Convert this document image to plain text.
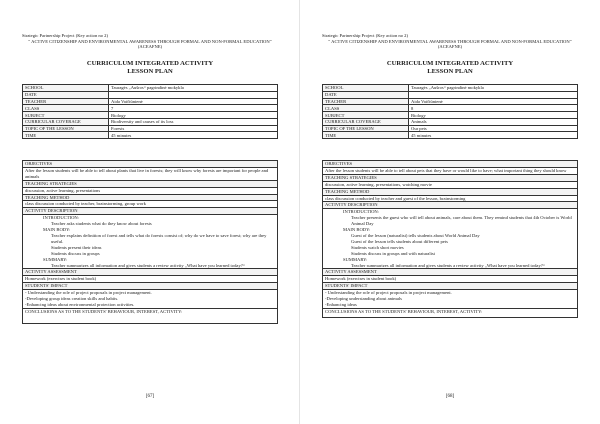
Strategic Partnership Project (Key action no 2)
" ACTIVE CITIZENSHIP AND ENVIRONMENTAL AWARENESS THROUGH FORMAL AND NON-FORMAL EDUCATION" (ACEAFNE)
CURRICULUM INTEGRATED ACTIVITY
LESSON PLAN
SCHOOL	Tauragės „Aušros“ pagrindinė mokykla
DATE	
TEACHER	Aida Vaičiūnienė
CLASS	7
SUBJECT	Biology
CURRICULAR COVERAGE	Biodiversity and causes of its loss
TOPIC OF THE LESSON	Forests
TIME	45 minutes
OBJECTIVES
After the lesson students will be able to tell about plants that live in forests; they will know why forests are important for people and animals
TEACHING STRATEGIES
discussion, active learning, presentations
TEACHING METHOD
class discussion conducted by teacher, brainstorming, group work
ACTIVITY DESCRIPTION
INTRODUCTION:
Teacher asks students what do they know about forests
MAIN BODY:
Teacher explains definition of forest and tells what do forests consist of; why do we have to save forest; why are they useful.
Students present their ideas
Students discuss in groups
SUMMARY:
Teacher summarizes all information and gives students a review activity „What have you learned today?“
ACTIVITY ASSESSMENT
Homework (exercises in student book)
STUDENTS' IMPACT
- Understanding the role of project proposals in project management.
-Developing group ideas creation skills and habits.
-Enhancing ideas about environmental protection activities.
CONCLUSIONS AS TO THE STUDENTS' BEHAVIOUR, INTEREST, ACTIVITY:
[67]
Strategic Partnership Project (Key action no 2)
" ACTIVE CITIZENSHIP AND ENVIRONMENTAL AWARENESS THROUGH FORMAL AND NON-FORMAL EDUCATION" (ACEAFNE)
CURRICULUM INTEGRATED ACTIVITY
LESSON PLAN
SCHOOL	Tauragės „Aušros“ pagrindinė mokykla
DATE	
TEACHER	Aida Vaičiūnienė
CLASS	8
SUBJECT	Biology
CURRICULAR COVERAGE	Animals
TOPIC OF THE LESSON	Our pets
TIME	45 minutes
OBJECTIVES
After the lesson students will be able to tell about pets that they have or would like to have; what important thing they should know
TEACHING STRATEGIES
discussion, active learning, presentations, watching movie
TEACHING METHOD
class discussion conducted by teacher and guest of the lesson, brainstorming
ACTIVITY DESCRIPTION
INTRODUCTION:
Teacher presents the guest who will tell about animals, care about them. They remind students that 4th October is World Animal Day
MAIN BODY:
Guest of the lesson (naturalist) tells students about World Animal Day
Guest of the lesson tells students about different pets
Students watch short movies
Students discuss in groups and with naturalist
SUMMARY:
Teacher summarizes all information and gives students a review activity „What have you learned today?“
ACTIVITY ASSESSMENT
Homework (exercises in student book)
STUDENTS' IMPACT
- Understanding the role of project proposals in project management.
-Developing understanding about animals
-Enhancing ideas
CONCLUSIONS AS TO THE STUDENTS' BEHAVIOUR, INTEREST, ACTIVITY:
[68]
